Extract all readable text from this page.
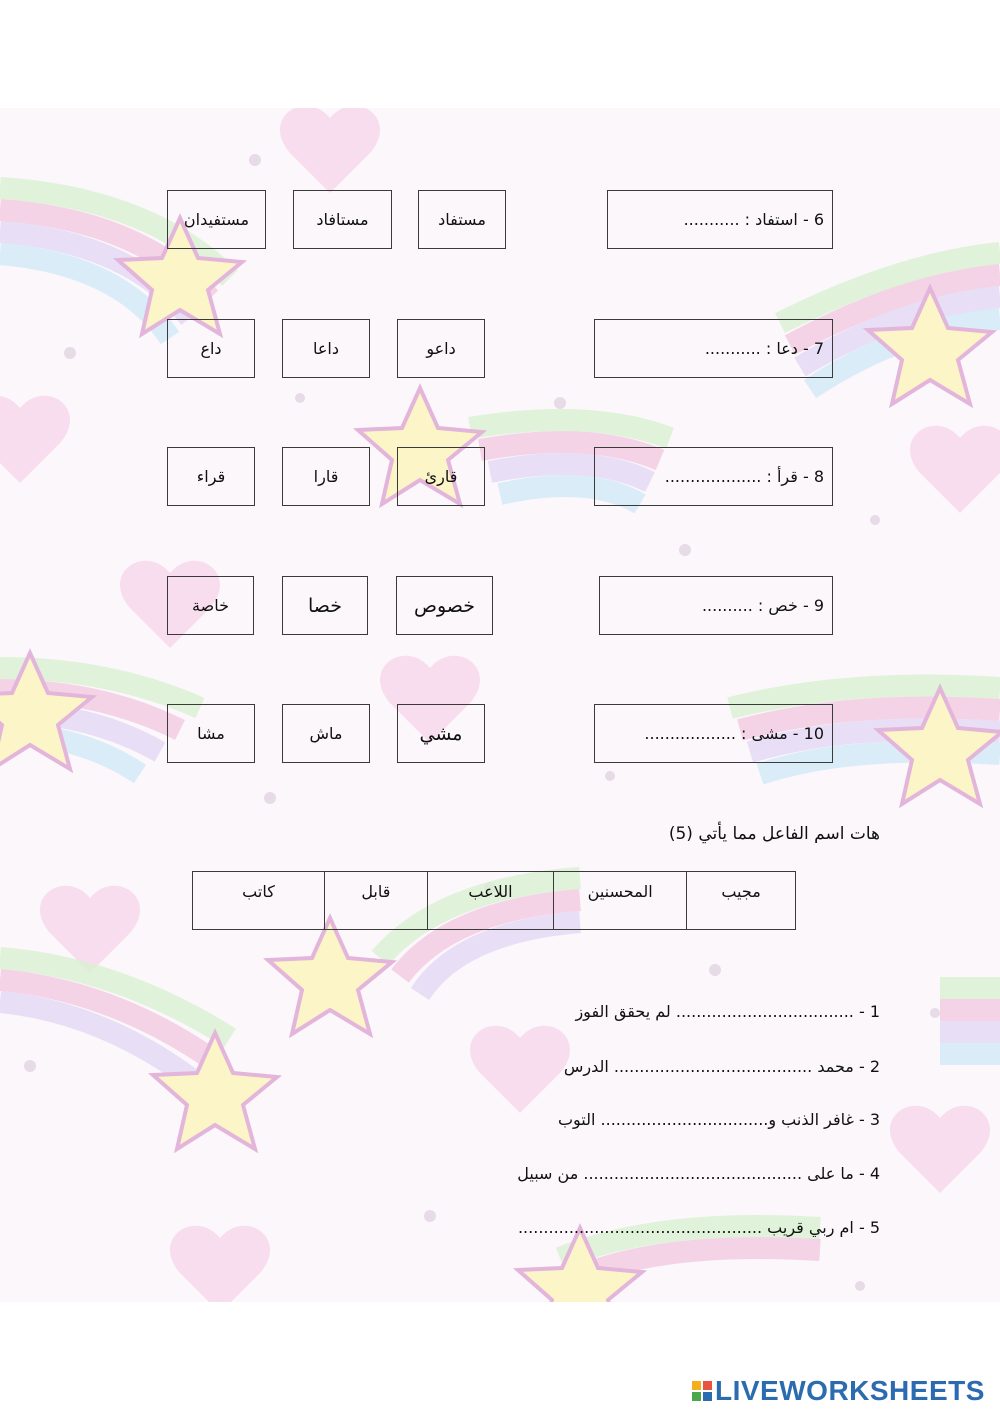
6 - استفاد : ...........
مستفيدان	مستافاد	مستفاد
7 - دعا : ...........
داع	داعا	داعو
8 - قرأ : ...................
قراء	قارا	قارئ
9 - خص : ..........
خاصة	خصا	خصوص
10 - مشى : ..................
مشا	ماش	مشي
هات اسم الفاعل مما يأتي (5)
مجيب	المحسنين	اللاعب	قابل	كاتب
1 - ................................... لم يحقق الفوز
2 - محمد ....................................... الدرس
3 - غافر الذنب و................................. التوب
4 - ما على ........................................... من سبيل
5 - ام ربي قريب ................................................
LIVEWORKSHEETS
